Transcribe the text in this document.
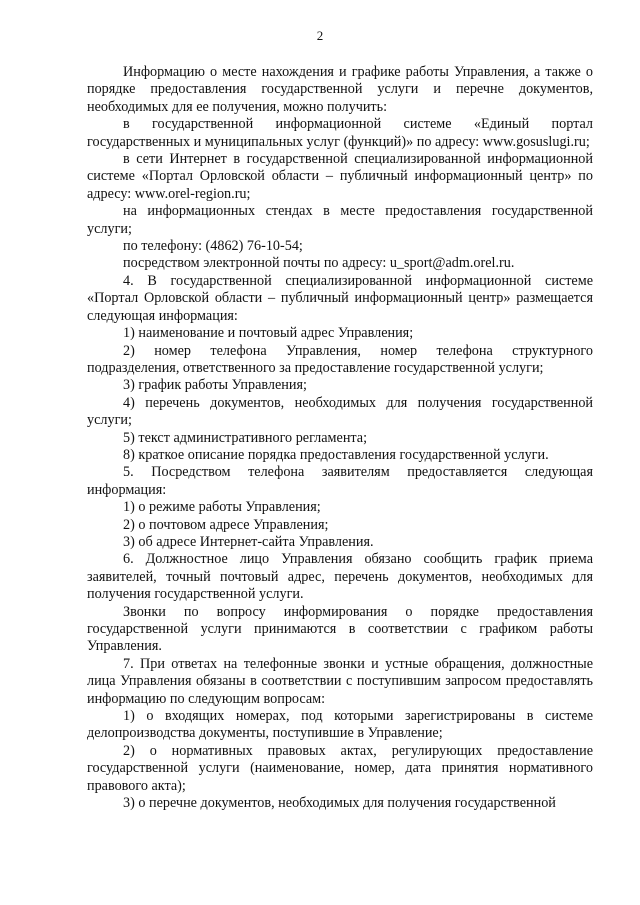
2

Информацию о месте нахождения и графике работы Управления, а также о порядке предоставления государственной услуги и перечне документов, необходимых для ее получения, можно получить:

в государственной информационной системе «Единый портал государственных и муниципальных услуг (функций)» по адресу: www.gosuslugi.ru;

в сети Интернет в государственной специализированной информационной системе «Портал Орловской области – публичный информационный центр» по адресу: www.orel-region.ru;

на информационных стендах в месте предоставления государственной услуги;

по телефону: (4862) 76-10-54;

посредством электронной почты по адресу: u_sport@adm.orel.ru.

4. В государственной специализированной информационной системе «Портал Орловской области – публичный информационный центр» размещается следующая информация:

1) наименование и почтовый адрес Управления;

2) номер телефона Управления, номер телефона структурного подразделения, ответственного за предоставление государственной услуги;

3) график работы Управления;

4) перечень документов, необходимых для получения государственной услуги;

5) текст административного регламента;

8) краткое описание порядка предоставления государственной услуги.

5. Посредством телефона заявителям предоставляется следующая информация:

1) о режиме работы Управления;

2) о почтовом адресе Управления;

3) об адресе Интернет-сайта Управления.

6. Должностное лицо Управления обязано сообщить график приема заявителей, точный почтовый адрес, перечень документов, необходимых для получения государственной услуги.

Звонки по вопросу информирования о порядке предоставления государственной услуги принимаются в соответствии с графиком работы Управления.

7. При ответах на телефонные звонки и устные обращения, должностные лица Управления обязаны в соответствии с поступившим запросом предоставлять информацию по следующим вопросам:

1) о входящих номерах, под которыми зарегистрированы в системе делопроизводства документы, поступившие в Управление;

2) о нормативных правовых актах, регулирующих предоставление государственной услуги (наименование, номер, дата принятия нормативного правового акта);

3) о перечне документов, необходимых для получения государственной
